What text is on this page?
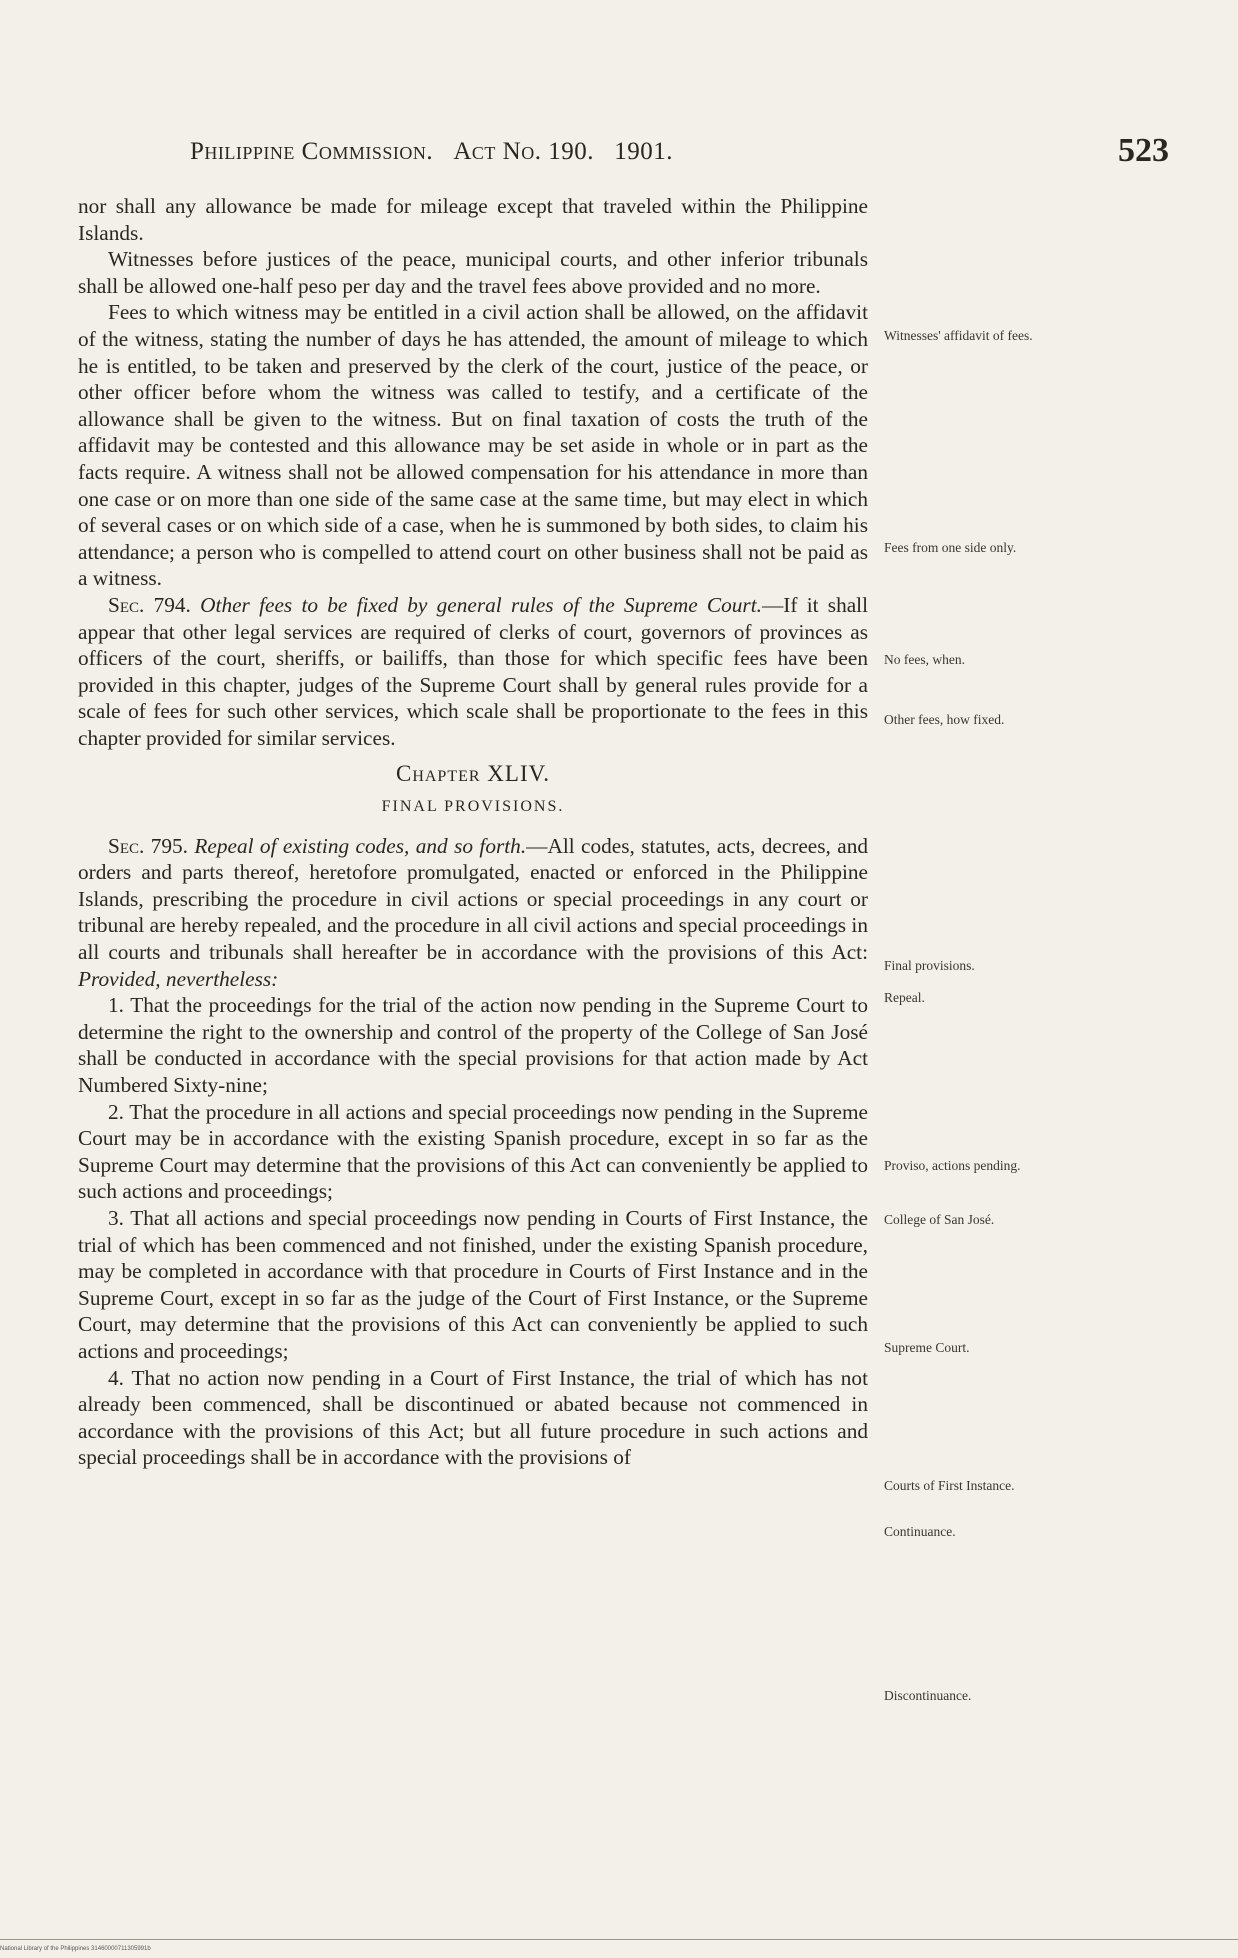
Philippine Commission. Act No. 190. 1901.	523

nor shall any allowance be made for mileage except that traveled within the Philippine Islands.

Witnesses before justices of the peace, municipal courts, and other inferior tribunals shall be allowed one-half peso per day and the travel fees above provided and no more.

Fees to which witness may be entitled in a civil action shall be allowed, on the affidavit of the witness, stating the number of days he has attended, the amount of mileage to which he is entitled, to be taken and preserved by the clerk of the court, justice of the peace, or other officer before whom the witness was called to testify, and a certificate of the allowance shall be given to the witness. But on final taxation of costs the truth of the affidavit may be contested and this allowance may be set aside in whole or in part as the facts require. A witness shall not be allowed compensation for his attendance in more than one case or on more than one side of the same case at the same time, but may elect in which of several cases or on which side of a case, when he is summoned by both sides, to claim his attendance; a person who is compelled to attend court on other business shall not be paid as a witness.

Sec. 794. Other fees to be fixed by general rules of the Supreme Court.—If it shall appear that other legal services are required of clerks of court, governors of provinces as officers of the court, sheriffs, or bailiffs, than those for which specific fees have been provided in this chapter, judges of the Supreme Court shall by general rules provide for a scale of fees for such other services, which scale shall be proportionate to the fees in this chapter provided for similar services.

Chapter XLIV.

FINAL PROVISIONS.

Sec. 795. Repeal of existing codes, and so forth.—All codes, statutes, acts, decrees, and orders and parts thereof, heretofore promulgated, enacted or enforced in the Philippine Islands, prescribing the procedure in civil actions or special proceedings in any court or tribunal are hereby repealed, and the procedure in all civil actions and special proceedings in all courts and tribunals shall hereafter be in accordance with the provisions of this Act: Provided, nevertheless:

1. That the proceedings for the trial of the action now pending in the Supreme Court to determine the right to the ownership and control of the property of the College of San José shall be conducted in accordance with the special provisions for that action made by Act Numbered Sixty-nine;

2. That the procedure in all actions and special proceedings now pending in the Supreme Court may be in accordance with the existing Spanish procedure, except in so far as the Supreme Court may determine that the provisions of this Act can conveniently be applied to such actions and proceedings;

3. That all actions and special proceedings now pending in Courts of First Instance, the trial of which has been commenced and not finished, under the existing Spanish procedure, may be completed in accordance with that procedure in Courts of First Instance and in the Supreme Court, except in so far as the judge of the Court of First Instance, or the Supreme Court, may determine that the provisions of this Act can conveniently be applied to such actions and proceedings;

4. That no action now pending in a Court of First Instance, the trial of which has not already been commenced, shall be discontinued or abated because not commenced in accordance with the provisions of this Act; but all future procedure in such actions and special proceedings shall be in accordance with the provisions of

Witnesses' affidavit of fees.
Fees from one side only.
No fees, when.
Other fees, how fixed.
Final provisions.
Repeal.
Proviso, actions pending.
College of San José.
Supreme Court.
Courts of First Instance.
Continuance.
Discontinuance.
National Library of the Philippines 31460000711305991b
